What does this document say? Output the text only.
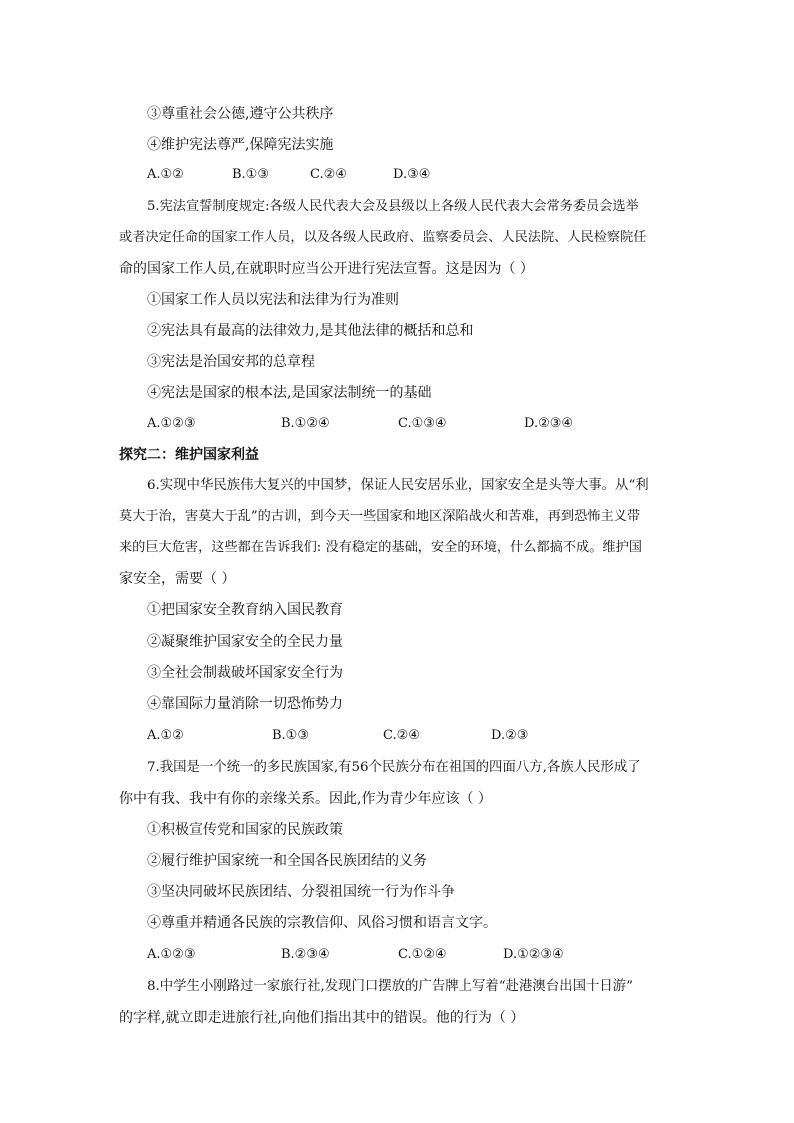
③尊重社会公德,遵守公共秩序
④维护宪法尊严,保障宪法实施
A.①②	B.①③	C.②④	D.③④
5.宪法宣誓制度规定:各级人民代表大会及县级以上各级人民代表大会常务委员会选举
或者决定任命的国家工作人员，以及各级人民政府、监察委员会、人民法院、人民检察院任
命的国家工作人员,在就职时应当公开进行宪法宣誓。这是因为（ ）
①国家工作人员以宪法和法律为行为准则
②宪法具有最高的法律效力,是其他法律的概括和总和
③宪法是治国安邦的总章程
④宪法是国家的根本法,是国家法制统一的基础
A.①②③	B.①②④	C.①③④	D.②③④
探究二：维护国家利益
6.实现中华民族伟大复兴的中国梦，保证人民安居乐业，国家安全是头等大事。从“利
莫大于治，害莫大于乱”的古训，到今天一些国家和地区深陷战火和苦难，再到恐怖主义带
来的巨大危害，这些都在告诉我们: 没有稳定的基础，安全的环境，什么都搞不成。维护国
家安全，需要（ ）
①把国家安全教育纳入国民教育
②凝聚维护国家安全的全民力量
③全社会制裁破坏国家安全行为
④靠国际力量消除一切恐怖势力
A.①②	B.①③	C.②④	D.②③
7.我国是一个统一的多民族国家,有56个民族分布在祖国的四面八方,各族人民形成了
你中有我、我中有你的亲缘关系。因此,作为青少年应该（ ）
①积极宣传党和国家的民族政策
②履行维护国家统一和全国各民族团结的义务
③坚决同破坏民族团结、分裂祖国统一行为作斗争
④尊重并精通各民族的宗教信仰、风俗习惯和语言文字。
A.①②③	B.②③④	C.①②④	D.①②③④
8.中学生小刚路过一家旅行社,发现门口摆放的广告牌上写着“赴港澳台出国十日游”
的字样,就立即走进旅行社,向他们指出其中的错误。他的行为（ ）
